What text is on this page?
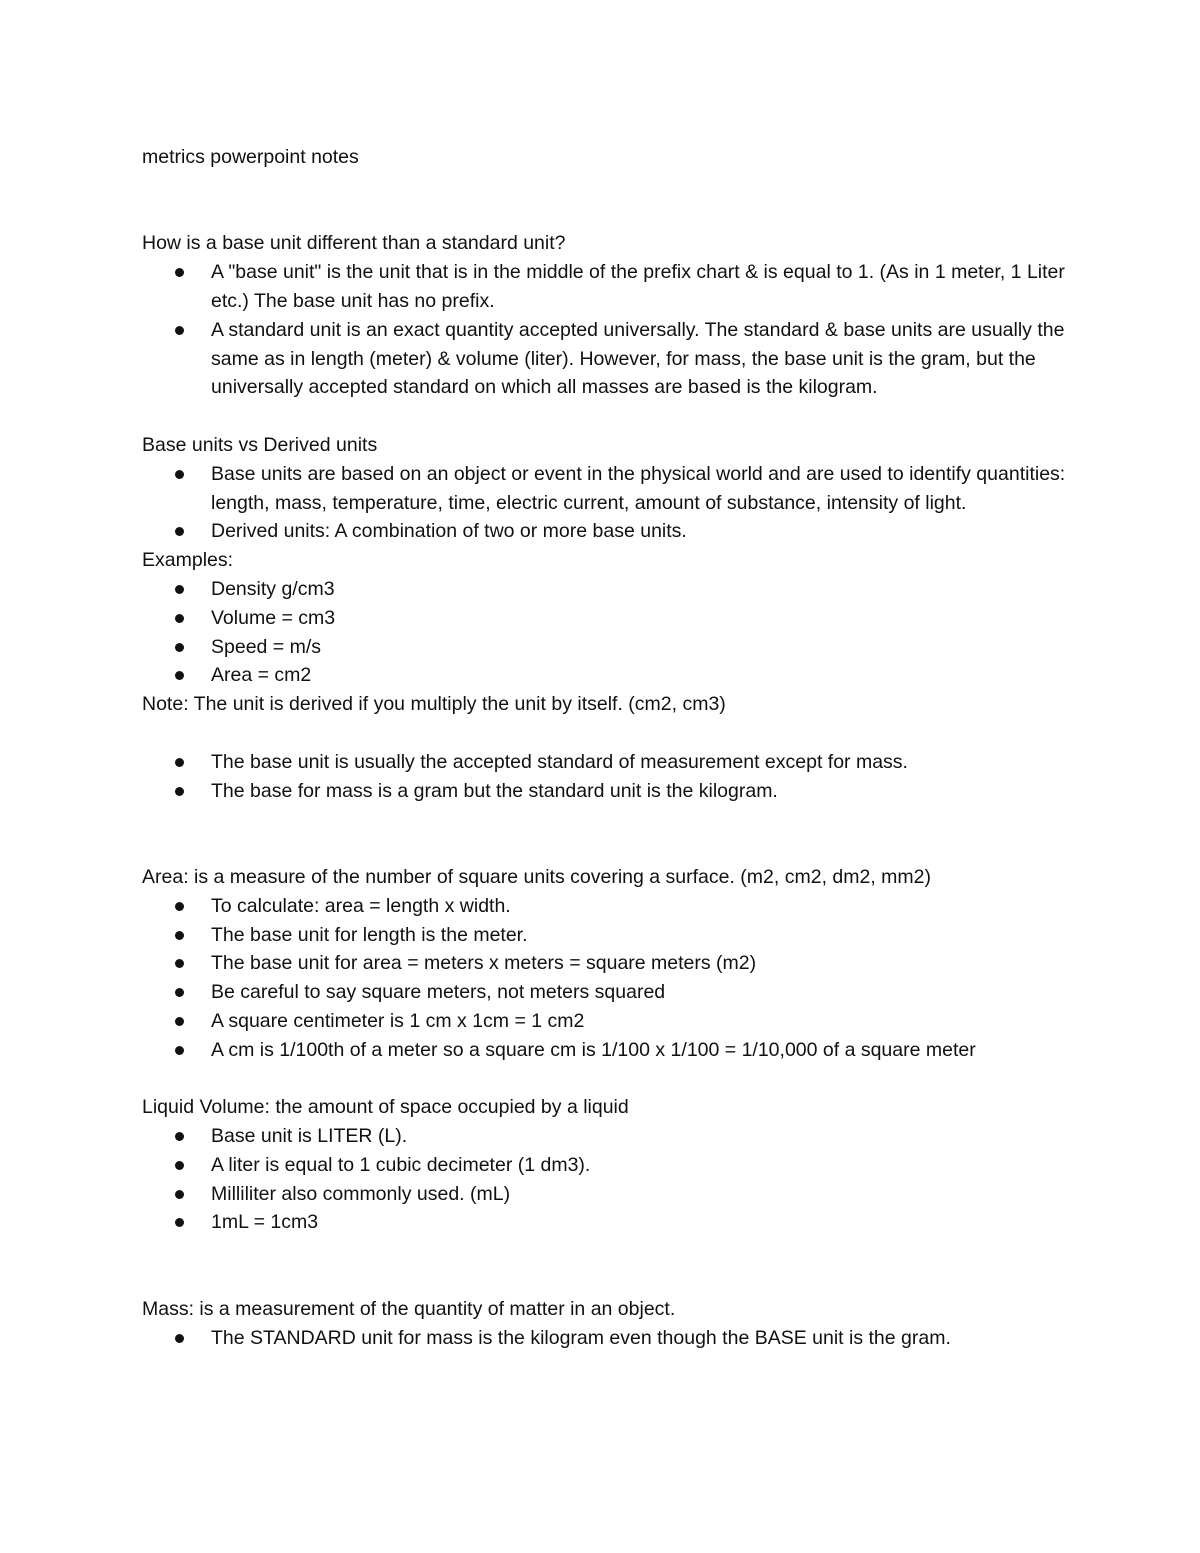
metrics powerpoint notes

How is a base unit different than a standard unit?

A "base unit" is the unit that is in the middle of the prefix chart & is equal to 1. (As in 1 meter, 1 Liter etc.) The base unit has no prefix.
A standard unit is an exact quantity accepted universally. The standard & base units are usually the same as in length (meter) & volume (liter). However, for mass, the base unit is the gram, but the universally accepted standard on which all masses are based is the kilogram.

Base units vs Derived units

Base units are based on an object or event in the physical world and are used to identify quantities: length, mass, temperature, time, electric current, amount of substance, intensity of light.
Derived units: A combination of two or more base units.

Examples:

Density g/cm3
Volume = cm3
Speed = m/s
Area = cm2

Note: The unit is derived if you multiply the unit by itself. (cm2, cm3)

The base unit is usually the accepted standard of measurement except for mass.
The base for mass is a gram but the standard unit is the kilogram.

Area: is a measure of the number of square units covering a surface. (m2, cm2, dm2, mm2)

To calculate: area = length x width.
The base unit for length is the meter.
The base unit for area = meters x meters = square meters (m2)
Be careful to say square meters, not meters squared
A square centimeter is 1 cm x 1cm = 1 cm2
A cm is 1/100th of a meter so a square cm is 1/100 x 1/100 = 1/10,000 of a square meter

Liquid Volume: the amount of space occupied by a liquid

Base unit is LITER (L).
A liter is equal to 1 cubic decimeter (1 dm3).
Milliliter also commonly used. (mL)
1mL = 1cm3

Mass: is a measurement of the quantity of matter in an object.

The STANDARD unit for mass is the kilogram even though the BASE unit is the gram.
